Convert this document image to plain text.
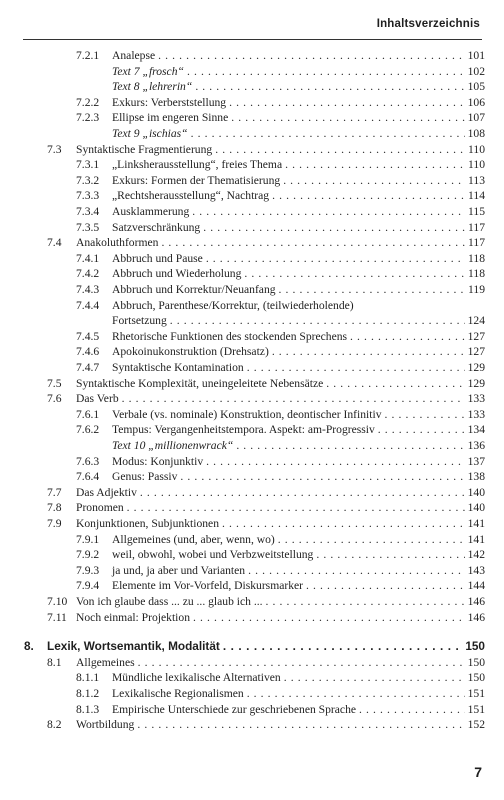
Inhaltsverzeichnis
7.2.1 Analepse . . .	101
Text 7 „frosch“ . . .	102
Text 8 „lehrerin“ . . .	105
7.2.2 Exkurs: Verberststellung . . .	106
7.2.3 Ellipse im engeren Sinne . . .	107
Text 9 „ischias“ . . .	108
7.3 Syntaktische Fragmentierung . . .	110
7.3.1 „Linksherausstellung“, freies Thema . . .	110
7.3.2 Exkurs: Formen der Thematisierung . . .	113
7.3.3 „Rechtsherausstellung“, Nachtrag . . .	114
7.3.4 Ausklammerung . . .	115
7.3.5 Satzverschränkung . . .	117
7.4 Anakoluthformen . . .	117
7.4.1 Abbruch und Pause . . .	118
7.4.2 Abbruch und Wiederholung . . .	118
7.4.3 Abbruch und Korrektur/Neuanfang . . .	119
7.4.4 Abbruch, Parenthese/Korrektur, (teilwiederholende)
Fortsetzung . . .	124
7.4.5 Rhetorische Funktionen des stockenden Sprechens . . .	127
7.4.6 Apokoinukonstruktion (Drehsatz) . . .	127
7.4.7 Syntaktische Kontamination . . .	129
7.5 Syntaktische Komplexität, uneingeleitete Nebensätze . . .	129
7.6 Das Verb . . .	133
7.6.1 Verbale (vs. nominale) Konstruktion, deontischer Infinitiv . . .	133
7.6.2 Tempus: Vergangenheitstempora. Aspekt: am-Progressiv . . .	134
Text 10 „millionenwrack“ . . .	136
7.6.3 Modus: Konjunktiv . . .	137
7.6.4 Genus: Passiv . . .	138
7.7 Das Adjektiv . . .	140
7.8 Pronomen . . .	140
7.9 Konjunktionen, Subjunktionen . . .	141
7.9.1 Allgemeines (und, aber, wenn, wo) . . .	141
7.9.2 weil, obwohl, wobei und Verbzweitstellung . . .	142
7.9.3 ja und, ja aber und Varianten . . .	143
7.9.4 Elemente im Vor-Vorfeld, Diskursmarker . . .	144
7.10 Von ich glaube dass ... zu ... glaub ich ... . . .	146
7.11 Noch einmal: Projektion . . .	146
8. Lexik, Wortsemantik, Modalität . . .	150
8.1 Allgemeines . . .	150
8.1.1 Mündliche lexikalische Alternativen . . .	150
8.1.2 Lexikalische Regionalismen . . .	151
8.1.3 Empirische Unterschiede zur geschriebenen Sprache . . .	151
8.2 Wortbildung . . .	152
7
